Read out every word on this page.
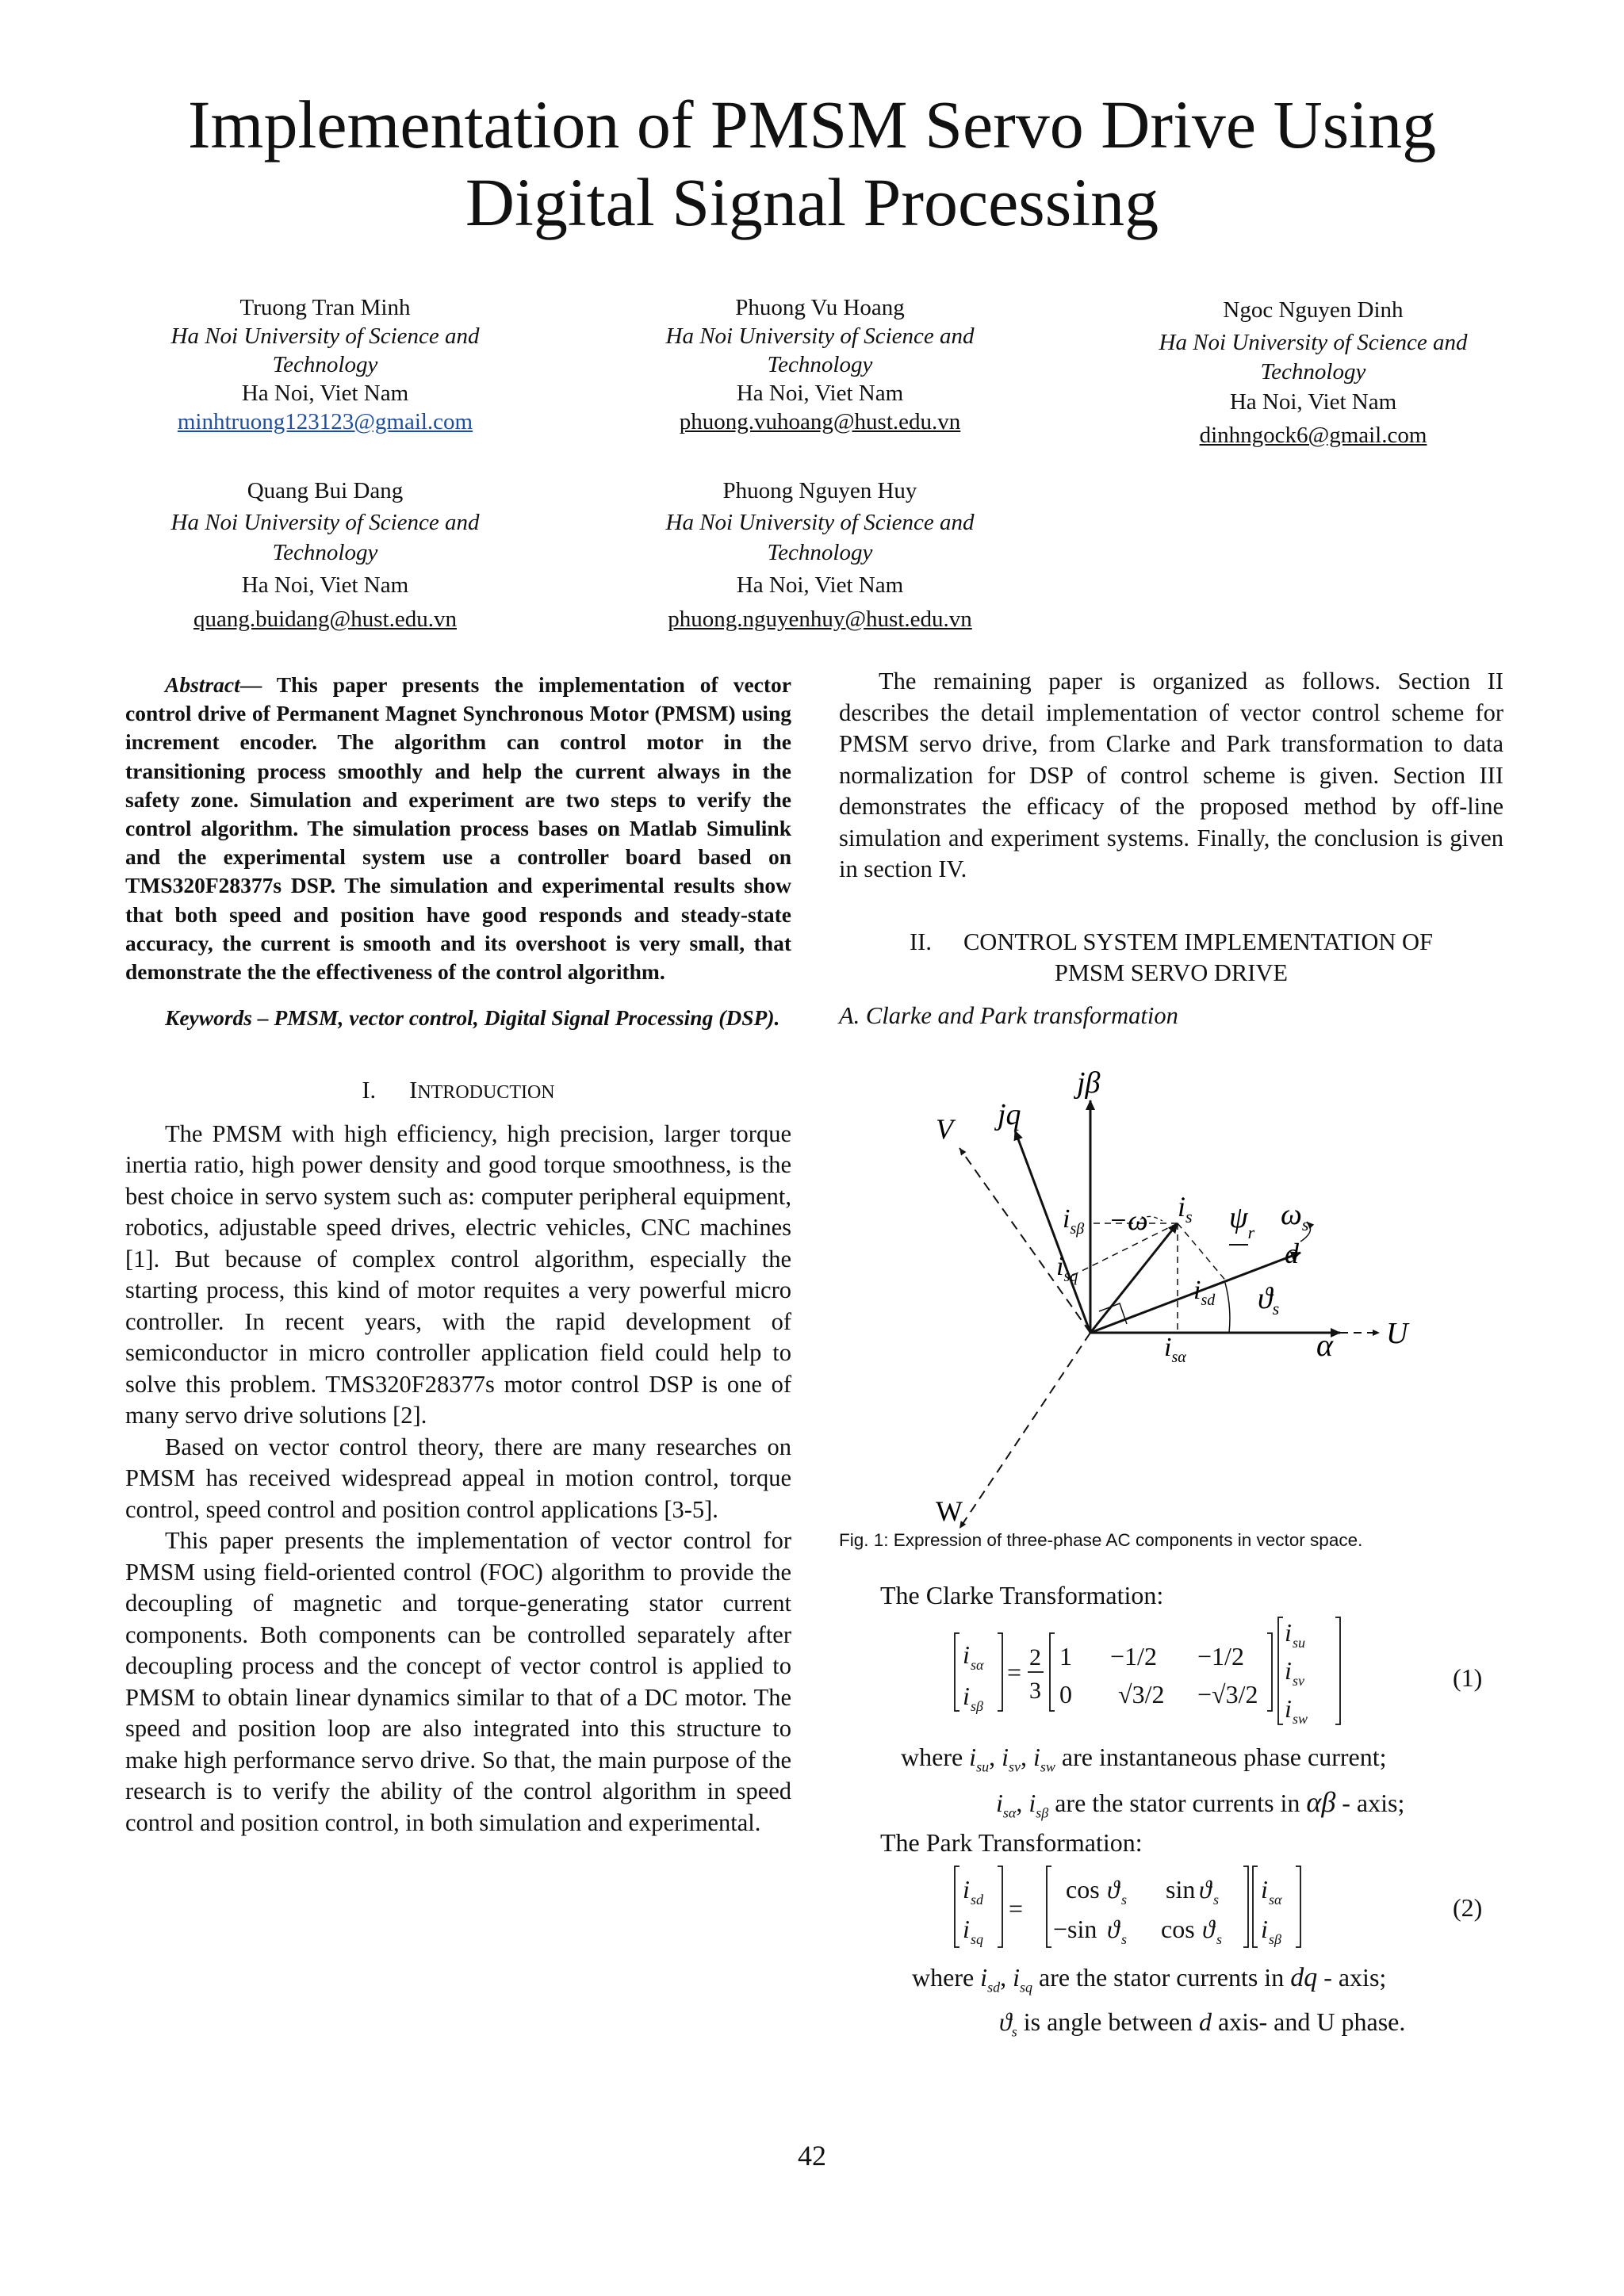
Implementation of PMSM Servo Drive Using
Digital Signal Processing
Truong Tran Minh
Ha Noi University of Science and
Technology
Ha Noi, Viet Nam
minhtruong123123@gmail.com
Phuong Vu Hoang
Ha Noi University of Science and
Technology
Ha Noi, Viet Nam
phuong.vuhoang@hust.edu.vn
Ngoc Nguyen Dinh
Ha Noi University of Science and
Technology
Ha Noi, Viet Nam
dinhngock6@gmail.com
Quang Bui Dang
Ha Noi University of Science and
Technology
Ha Noi, Viet Nam
quang.buidang@hust.edu.vn
Phuong Nguyen Huy
Ha Noi University of Science and
Technology
Ha Noi, Viet Nam
phuong.nguyenhuy@hust.edu.vn

Abstract— This paper presents the implementation of vector control drive of Permanent Magnet Synchronous Motor (PMSM) using increment encoder. The algorithm can control motor in the transitioning process smoothly and help the current always in the safety zone. Simulation and experiment are two steps to verify the control algorithm. The simulation process bases on Matlab Simulink and the experimental system use a controller board based on TMS320F28377s DSP. The simulation and experimental results show that both speed and position have good responds and steady-state accuracy, the current is smooth and its overshoot is very small, that demonstrate the the effectiveness of the control algorithm.

Keywords – PMSM, vector control, Digital Signal Processing (DSP).

I. INTRODUCTION

The PMSM with high efficiency, high precision, larger torque inertia ratio, high power density and good torque smoothness, is the best choice in servo system such as: computer peripheral equipment, robotics, adjustable speed drives, electric vehicles, CNC machines [1]. But because of complex control algorithm, especially the starting process, this kind of motor requites a very powerful micro controller. In recent years, with the rapid development of semiconductor in micro controller application field could help to solve this problem. TMS320F28377s motor control DSP is one of many servo drive solutions [2].

Based on vector control theory, there are many researches on PMSM has received widespread appeal in motion control, torque control, speed control and position control applications [3-5].

This paper presents the implementation of vector control for PMSM using field-oriented control (FOC) algorithm to provide the decoupling of magnetic and torque-generating stator current components. Both components can be controlled separately after decoupling process and the concept of vector control is applied to PMSM to obtain linear dynamics similar to that of a DC motor. The speed and position loop are also integrated into this structure to make high performance servo drive. So that, the main purpose of the research is to verify the ability of the control algorithm in speed control and position control, in both simulation and experimental.

The remaining paper is organized as follows. Section II describes the detail implementation of vector control scheme for PMSM servo drive, from Clarke and Park transformation to data normalization for DSP of control scheme is given. Section III demonstrates the efficacy of the proposed method by off-line simulation and experiment systems. Finally, the conclusion is given in section IV.

II. CONTROL SYSTEM IMPLEMENTATION OF
PMSM SERVO DRIVE

A. Clarke and Park transformation

jβ
V jq
W
U
α
d
$i_s$	$\omega_s$
$\psi_r$
$ϑ_s$
−ω
$i_{s\beta}$
$i_{sq}$	$i_{sd}$
$i_{s\alpha}$
Fig. 1: Expression of three-phase AC components in vector space.
The Clarke Transformation:
i sα
i sβ
=
2
3
1 −1/2 −1/2
0 √3/2 −√3/2
i su
i sv
i sw
(1)
where $i_{su}$, $i_{sv}$, $i_{sw}$ are instantaneous phase current;
$i_{s\alpha}$, $i_{s\beta}$ are the stator currents in αβ - axis;
The Park Transformation:
i sd
i sq
=
cos ϑ s sin ϑ s
−sin ϑ s cos ϑ s
i sα
i sβ
(2)
where $i_{sd}$, $i_{sq}$ are the stator currents in dq - axis;
$ϑ_s$ is angle between d axis- and U phase.
42
